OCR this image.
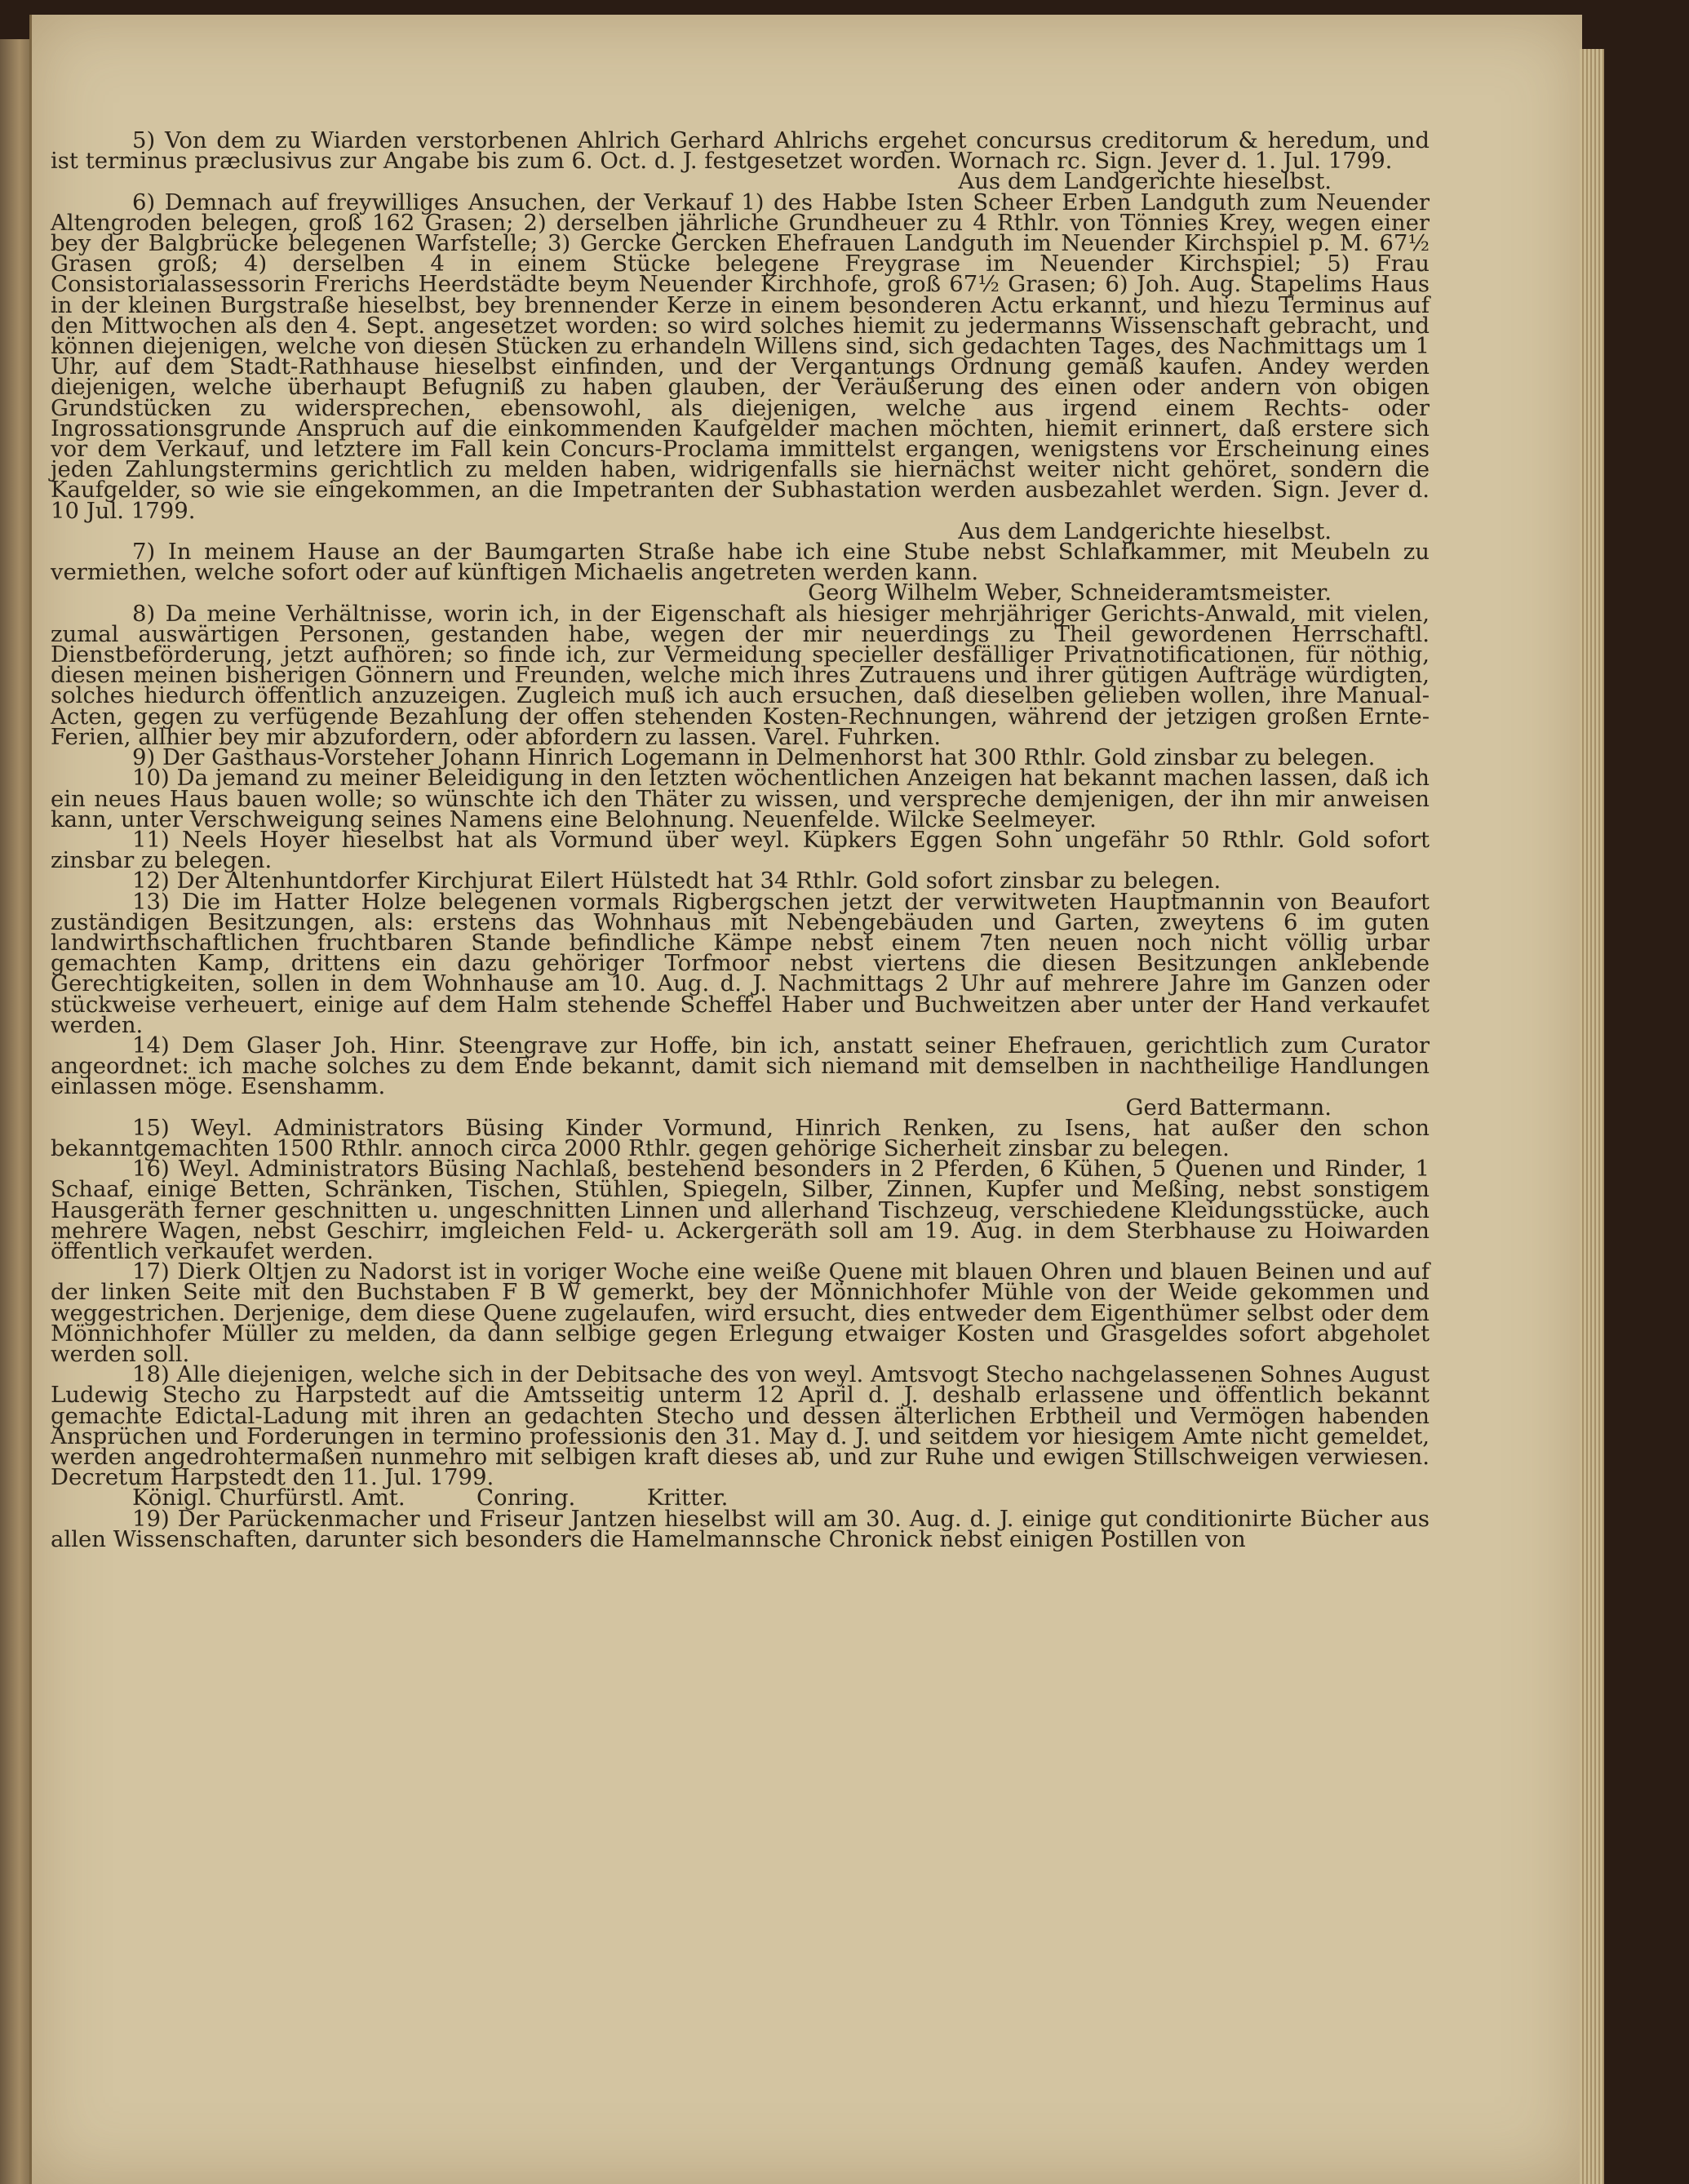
5) Von dem zu Wiarden verstorbenen Ahlrich Gerhard Ahlrichs ergehet concursus creditorum & heredum, und ist terminus præclusivus zur Angabe bis zum 6. Oct. d. J. festgesetzet worden. Wornach rc. Sign. Jever d. 1. Jul. 1799.
Aus dem Landgerichte hieselbst.

6) Demnach auf freywilliges Ansuchen, der Verkauf 1) des Habbe Isten Scheer Erben Landguth zum Neuender Altengroden belegen, groß 162 Grasen; 2) derselben jährliche Grundheuer zu 4 Rthlr. von Tönnies Krey, wegen einer bey der Balgbrücke belegenen Warfstelle; 3) Gercke Gercken Ehefrauen Landguth im Neuender Kirchspiel p. M. 67½ Grasen groß; 4) derselben 4 in einem Stücke belegene Freygrase im Neuender Kirchspiel; 5) Frau Consistorialassessorin Frerichs Heerdstädte beym Neuender Kirchhofe, groß 67½ Grasen; 6) Joh. Aug. Stapelims Haus in der kleinen Burgstraße hieselbst, bey brennender Kerze in einem besonderen Actu erkannt, und hiezu Terminus auf den Mittwochen als den 4. Sept. angesetzet worden: so wird solches hiemit zu jedermanns Wissenschaft gebracht, und können diejenigen, welche von diesen Stücken zu erhandeln Willens sind, sich gedachten Tages, des Nachmittags um 1 Uhr, auf dem Stadt-Rathhause hieselbst einfinden, und der Vergantungs Ordnung gemäß kaufen. Andey werden diejenigen, welche überhaupt Befugniß zu haben glauben, der Veräußerung des einen oder andern von obigen Grundstücken zu widersprechen, ebensowohl, als diejenigen, welche aus irgend einem Rechts- oder Ingrossationsgrunde Anspruch auf die einkommenden Kaufgelder machen möchten, hiemit erinnert, daß erstere sich vor dem Verkauf, und letztere im Fall kein Concurs-Proclama immittelst ergangen, wenigstens vor Erscheinung eines jeden Zahlungstermins gerichtlich zu melden haben, widrigenfalls sie hiernächst weiter nicht gehöret, sondern die Kaufgelder, so wie sie eingekommen, an die Impetranten der Subhastation werden ausbezahlet werden. Sign. Jever d. 10 Jul. 1799.
Aus dem Landgerichte hieselbst.

7) In meinem Hause an der Baumgarten Straße habe ich eine Stube nebst Schlafkammer, mit Meubeln zu vermiethen, welche sofort oder auf künftigen Michaelis angetreten werden kann.
Georg Wilhelm Weber, Schneideramtsmeister.

8) Da meine Verhältnisse, worin ich, in der Eigenschaft als hiesiger mehrjähriger Gerichts-Anwald, mit vielen, zumal auswärtigen Personen, gestanden habe, wegen der mir neuerdings zu Theil gewordenen Herrschaftl. Dienstbeförderung, jetzt aufhören; so finde ich, zur Vermeidung specieller desfälliger Privatnotificationen, für nöthig, diesen meinen bisherigen Gönnern und Freunden, welche mich ihres Zutrauens und ihrer gütigen Aufträge würdigten, solches hiedurch öffentlich anzuzeigen. Zugleich muß ich auch ersuchen, daß dieselben gelieben wollen, ihre Manual-Acten, gegen zu verfügende Bezahlung der offen stehenden Kosten-Rechnungen, während der jetzigen großen Ernte-Ferien, allhier bey mir abzufordern, oder abfordern zu lassen. Varel. Fuhrken.

9) Der Gasthaus-Vorsteher Johann Hinrich Logemann in Delmenhorst hat 300 Rthlr. Gold zinsbar zu belegen.

10) Da jemand zu meiner Beleidigung in den letzten wöchentlichen Anzeigen hat bekannt machen lassen, daß ich ein neues Haus bauen wolle; so wünschte ich den Thäter zu wissen, und verspreche demjenigen, der ihn mir anweisen kann, unter Verschweigung seines Namens eine Belohnung. Neuenfelde. Wilcke Seelmeyer.

11) Neels Hoyer hieselbst hat als Vormund über weyl. Küpkers Eggen Sohn ungefähr 50 Rthlr. Gold sofort zinsbar zu belegen.

12) Der Altenhuntdorfer Kirchjurat Eilert Hülstedt hat 34 Rthlr. Gold sofort zinsbar zu belegen.

13) Die im Hatter Holze belegenen vormals Rigbergschen jetzt der verwitweten Hauptmannin von Beaufort zuständigen Besitzungen, als: erstens das Wohnhaus mit Nebengebäuden und Garten, zweytens 6 im guten landwirthschaftlichen fruchtbaren Stande befindliche Kämpe nebst einem 7ten neuen noch nicht völlig urbar gemachten Kamp, drittens ein dazu gehöriger Torfmoor nebst viertens die diesen Besitzungen anklebende Gerechtigkeiten, sollen in dem Wohnhause am 10. Aug. d. J. Nachmittags 2 Uhr auf mehrere Jahre im Ganzen oder stückweise verheuert, einige auf dem Halm stehende Scheffel Haber und Buchweitzen aber unter der Hand verkaufet werden.

14) Dem Glaser Joh. Hinr. Steengrave zur Hoffe, bin ich, anstatt seiner Ehefrauen, gerichtlich zum Curator angeordnet: ich mache solches zu dem Ende bekannt, damit sich niemand mit demselben in nachtheilige Handlungen einlassen möge. Esenshamm.
Gerd Battermann.

15) Weyl. Administrators Büsing Kinder Vormund, Hinrich Renken, zu Isens, hat außer den schon bekanntgemachten 1500 Rthlr. annoch circa 2000 Rthlr. gegen gehörige Sicherheit zinsbar zu belegen.

16) Weyl. Administrators Büsing Nachlaß, bestehend besonders in 2 Pferden, 6 Kühen, 5 Quenen und Rinder, 1 Schaaf, einige Betten, Schränken, Tischen, Stühlen, Spiegeln, Silber, Zinnen, Kupfer und Meßing, nebst sonstigem Hausgeräth ferner geschnitten u. ungeschnitten Linnen und allerhand Tischzeug, verschiedene Kleidungsstücke, auch mehrere Wagen, nebst Geschirr, imgleichen Feld- u. Ackergeräth soll am 19. Aug. in dem Sterbhause zu Hoiwarden öffentlich verkaufet werden.

17) Dierk Oltjen zu Nadorst ist in voriger Woche eine weiße Quene mit blauen Ohren und blauen Beinen und auf der linken Seite mit den Buchstaben F B W gemerkt, bey der Mönnichhofer Mühle von der Weide gekommen und weggestrichen. Derjenige, dem diese Quene zugelaufen, wird ersucht, dies entweder dem Eigenthümer selbst oder dem Mönnichhofer Müller zu melden, da dann selbige gegen Erlegung etwaiger Kosten und Grasgeldes sofort abgeholet werden soll.

18) Alle diejenigen, welche sich in der Debitsache des von weyl. Amtsvogt Stecho nachgelassenen Sohnes August Ludewig Stecho zu Harpstedt auf die Amtsseitig unterm 12 April d. J. deshalb erlassene und öffentlich bekannt gemachte Edictal-Ladung mit ihren an gedachten Stecho und dessen älterlichen Erbtheil und Vermögen habenden Ansprüchen und Forderungen in termino professionis den 31. May d. J. und seitdem vor hiesigem Amte nicht gemeldet, werden angedrohtermaßen nunmehro mit selbigen kraft dieses ab, und zur Ruhe und ewigen Stillschweigen verwiesen. Decretum Harpstedt den 11. Jul. 1799.

Königl. Churfürstl. Amt.          Conring.          Kritter.

19) Der Parückenmacher und Friseur Jantzen hieselbst will am 30. Aug. d. J. einige gut conditionirte Bücher aus allen Wissenschaften, darunter sich besonders die Hamelmannsche Chronick nebst einigen Postillen von
